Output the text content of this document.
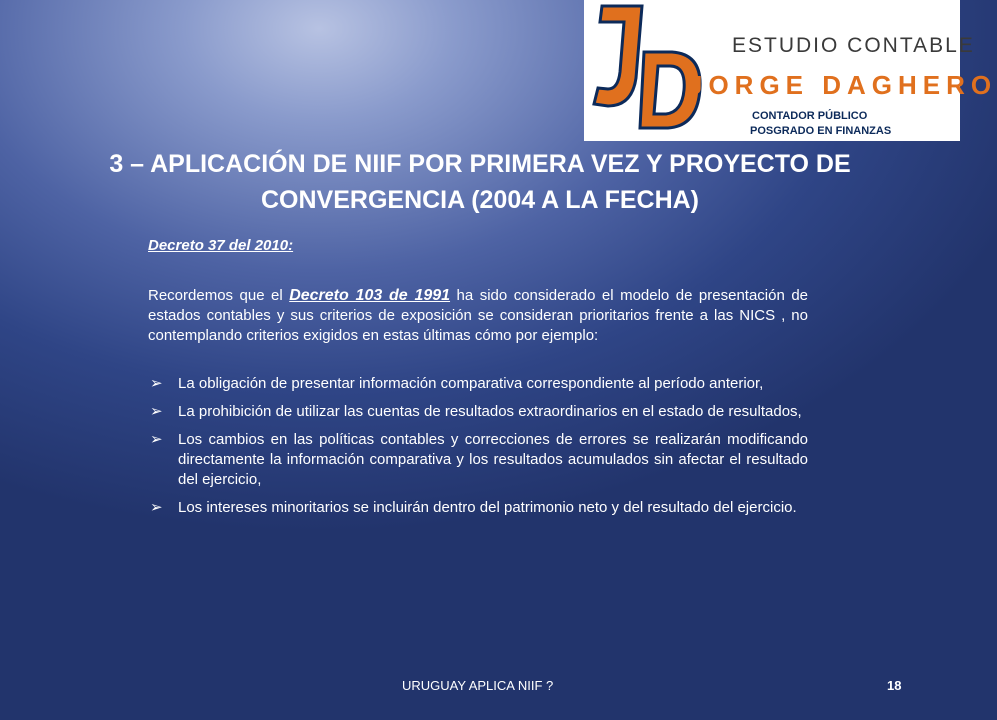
ESTUDIO CONTABLE
JORGE DAGHERO
CONTADOR PÚBLICO
POSGRADO EN FINANZAS
3 – APLICACIÓN DE NIIF POR PRIMERA VEZ Y PROYECTO DE CONVERGENCIA (2004 A LA FECHA)
Decreto 37 del 2010:
Recordemos que el Decreto 103 de 1991 ha sido considerado el modelo de presentación de estados contables y sus criterios de exposición se consideran prioritarios frente a las NICS , no contemplando criterios exigidos en estas últimas cómo por ejemplo:
➢ La obligación de presentar información comparativa correspondiente al período anterior,
➢ La prohibición de utilizar las cuentas de resultados extraordinarios en el estado de resultados,
➢ Los cambios en las políticas contables y correcciones de errores se realizarán modificando directamente la información comparativa y los resultados acumulados sin afectar el resultado del ejercicio,
➢ Los intereses minoritarios se incluirán dentro del patrimonio neto y del resultado del ejercicio.
URUGUAY APLICA NIIF ?	18
